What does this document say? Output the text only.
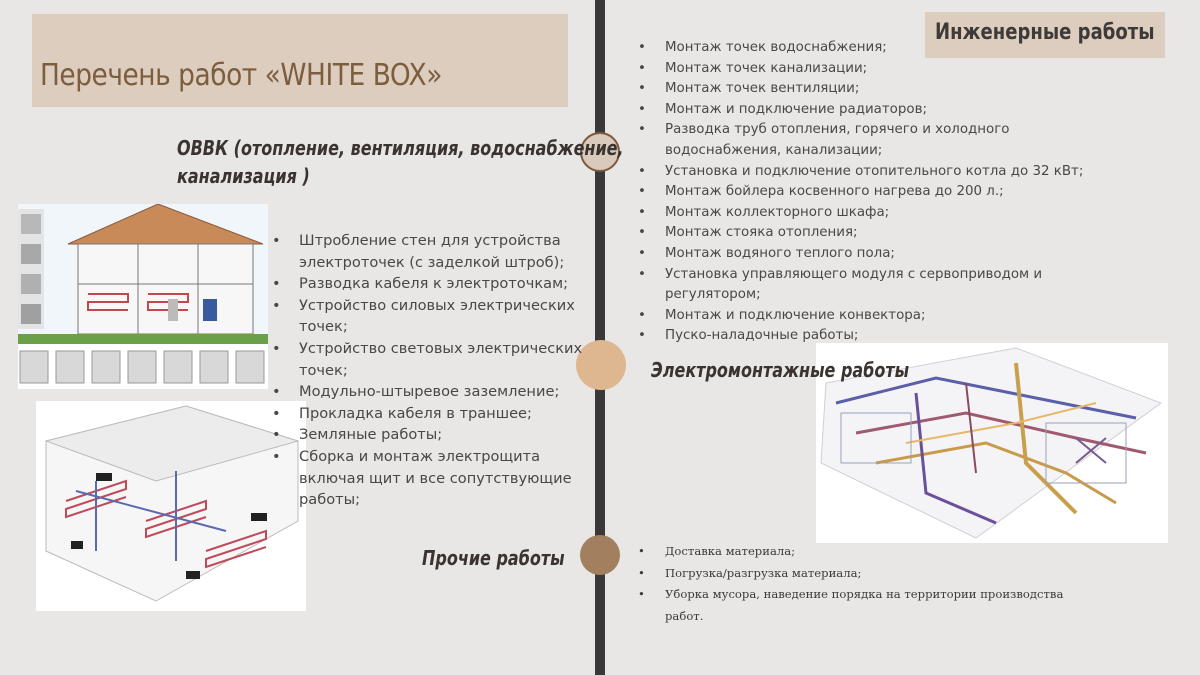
Перечень работ «WHITE BOX»
Инженерные работы
ОВВК (отопление, вентиляция, водоснабжение,
канализация )
• Монтаж точек водоснабжения;
• Монтаж точек канализации;
• Монтаж точек вентиляции;
• Монтаж и подключение радиаторов;
• Разводка труб отопления, горячего и холодного водоснабжения, канализации;
• Установка и подключение отопительного котла до 32 кВт;
• Монтаж бойлера косвенного нагрева до 200 л.;
• Монтаж коллекторного шкафа;
• Монтаж стояка отопления;
• Монтаж водяного теплого пола;
• Установка управляющего модуля с сервоприводом и регулятором;
• Монтаж и подключение конвектора;
• Пуско-наладочные работы;
Электромонтажные работы
• Штробление стен для устройства электроточек (с заделкой штроб);
• Разводка кабеля к электроточкам;
• Устройство силовых электрических точек;
• Устройство световых электрических точек;
• Модульно-штыревое заземление;
• Прокладка кабеля в траншее;
• Земляные работы;
• Сборка и монтаж электрощита включая щит и все сопутствующие работы;
Прочие работы
•	Доставка материала;
• Погрузка/разгрузка материала;
• Уборка мусора, наведение порядка на территории производства работ.
